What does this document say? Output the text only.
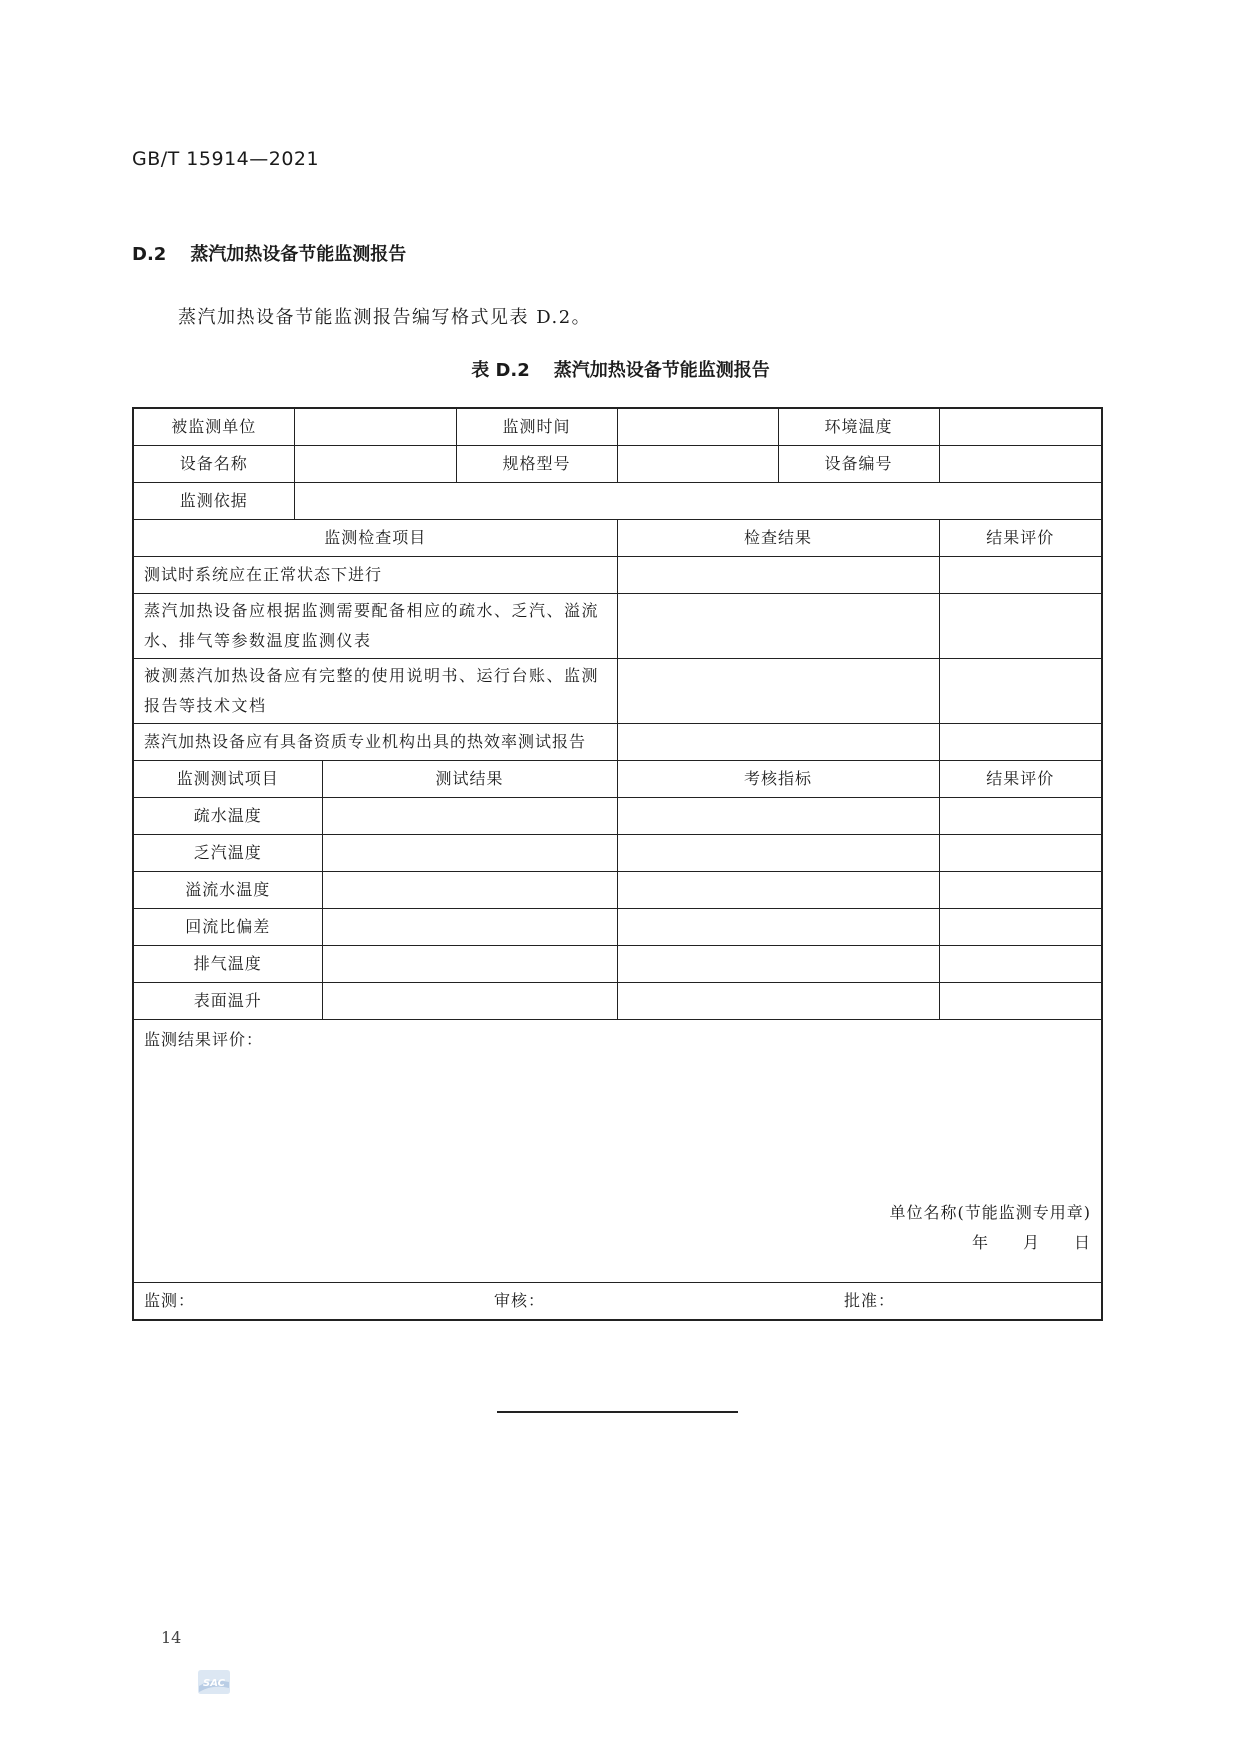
GB/T 15914—2021
D.2 蒸汽加热设备节能监测报告
蒸汽加热设备节能监测报告编写格式见表 D.2。
表 D.2 蒸汽加热设备节能监测报告
被监测单位			监测时间		环境温度	
设备名称			规格型号		设备编号	
监测依据						
监测检查项目				检查结果		结果评价
测试时系统应在正常状态下进行						
蒸汽加热设备应根据监测需要配备相应的疏水、乏汽、溢流水、排气等参数温度监测仪表						
被测蒸汽加热设备应有完整的使用说明书、运行台账、监测报告等技术文档						
蒸汽加热设备应有具备资质专业机构出具的热效率测试报告						
监测测试项目		测试结果		考核指标		结果评价
疏水温度						
乏汽温度						
溢流水温度						
回流比偏差						
排气温度						
表面温升						

监测结果评价：
单位名称(节能监测专用章)
年 月 日						

监测： 审核： 批准：						
14
SAC
